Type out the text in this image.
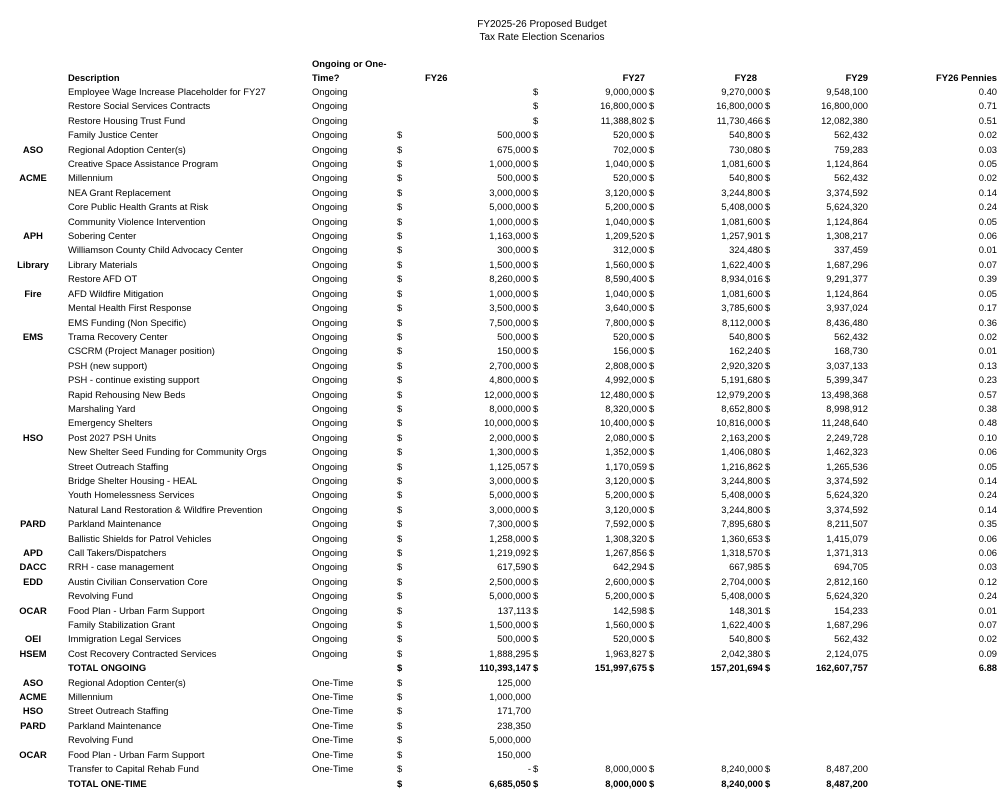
FY2025-26 Proposed Budget
Tax Rate Election Scenarios
		Ongoing or One-									
	Description	Time?	FY26		FY27		FY28		FY29		FY26 Pennies
	Employee Wage Increase Placeholder for FY27	Ongoing			$	9,000,000	$	9,270,000	$	9,548,100	0.40
	Restore Social Services Contracts	Ongoing			$	16,800,000	$	16,800,000	$	16,800,000	0.71
	Restore Housing Trust Fund	Ongoing			$	11,388,802	$	11,730,466	$	12,082,380	0.51
	Family Justice Center	Ongoing	$	500,000	$	520,000	$	540,800	$	562,432	0.02
ASO	Regional Adoption Center(s)	Ongoing	$	675,000	$	702,000	$	730,080	$	759,283	0.03
	Creative Space Assistance Program	Ongoing	$	1,000,000	$	1,040,000	$	1,081,600	$	1,124,864	0.05
ACME	Millennium	Ongoing	$	500,000	$	520,000	$	540,800	$	562,432	0.02
	NEA Grant Replacement	Ongoing	$	3,000,000	$	3,120,000	$	3,244,800	$	3,374,592	0.14
	Core Public Health Grants at Risk	Ongoing	$	5,000,000	$	5,200,000	$	5,408,000	$	5,624,320	0.24
	Community Violence Intervention	Ongoing	$	1,000,000	$	1,040,000	$	1,081,600	$	1,124,864	0.05
APH	Sobering Center	Ongoing	$	1,163,000	$	1,209,520	$	1,257,901	$	1,308,217	0.06
	Williamson County Child Advocacy Center	Ongoing	$	300,000	$	312,000	$	324,480	$	337,459	0.01
Library	Library Materials	Ongoing	$	1,500,000	$	1,560,000	$	1,622,400	$	1,687,296	0.07
	Restore AFD OT	Ongoing	$	8,260,000	$	8,590,400	$	8,934,016	$	9,291,377	0.39
Fire	AFD Wildfire Mitigation	Ongoing	$	1,000,000	$	1,040,000	$	1,081,600	$	1,124,864	0.05
	Mental Health First Response	Ongoing	$	3,500,000	$	3,640,000	$	3,785,600	$	3,937,024	0.17
	EMS Funding (Non Specific)	Ongoing	$	7,500,000	$	7,800,000	$	8,112,000	$	8,436,480	0.36
EMS	Trama Recovery Center	Ongoing	$	500,000	$	520,000	$	540,800	$	562,432	0.02
	CSCRM (Project Manager position)	Ongoing	$	150,000	$	156,000	$	162,240	$	168,730	0.01
	PSH (new support)	Ongoing	$	2,700,000	$	2,808,000	$	2,920,320	$	3,037,133	0.13
	PSH - continue existing support	Ongoing	$	4,800,000	$	4,992,000	$	5,191,680	$	5,399,347	0.23
	Rapid Rehousing New Beds	Ongoing	$	12,000,000	$	12,480,000	$	12,979,200	$	13,498,368	0.57
	Marshaling Yard	Ongoing	$	8,000,000	$	8,320,000	$	8,652,800	$	8,998,912	0.38
	Emergency Shelters	Ongoing	$	10,000,000	$	10,400,000	$	10,816,000	$	11,248,640	0.48
HSO	Post 2027 PSH Units	Ongoing	$	2,000,000	$	2,080,000	$	2,163,200	$	2,249,728	0.10
	New Shelter Seed Funding for Community Orgs	Ongoing	$	1,300,000	$	1,352,000	$	1,406,080	$	1,462,323	0.06
	Street Outreach Staffing	Ongoing	$	1,125,057	$	1,170,059	$	1,216,862	$	1,265,536	0.05
	Bridge Shelter Housing - HEAL	Ongoing	$	3,000,000	$	3,120,000	$	3,244,800	$	3,374,592	0.14
	Youth Homelessness Services	Ongoing	$	5,000,000	$	5,200,000	$	5,408,000	$	5,624,320	0.24
	Natural Land Restoration & Wildfire Prevention	Ongoing	$	3,000,000	$	3,120,000	$	3,244,800	$	3,374,592	0.14
PARD	Parkland Maintenance	Ongoing	$	7,300,000	$	7,592,000	$	7,895,680	$	8,211,507	0.35
	Ballistic Shields for Patrol Vehicles	Ongoing	$	1,258,000	$	1,308,320	$	1,360,653	$	1,415,079	0.06
APD	Call Takers/Dispatchers	Ongoing	$	1,219,092	$	1,267,856	$	1,318,570	$	1,371,313	0.06
DACC	RRH - case management	Ongoing	$	617,590	$	642,294	$	667,985	$	694,705	0.03
EDD	Austin Civilian Conservation Core	Ongoing	$	2,500,000	$	2,600,000	$	2,704,000	$	2,812,160	0.12
	Revolving Fund	Ongoing	$	5,000,000	$	5,200,000	$	5,408,000	$	5,624,320	0.24
OCAR	Food Plan - Urban Farm Support	Ongoing	$	137,113	$	142,598	$	148,301	$	154,233	0.01
	Family Stabilization Grant	Ongoing	$	1,500,000	$	1,560,000	$	1,622,400	$	1,687,296	0.07
OEI	Immigration Legal Services	Ongoing	$	500,000	$	520,000	$	540,800	$	562,432	0.02
HSEM	Cost Recovery Contracted Services	Ongoing	$	1,888,295	$	1,963,827	$	2,042,380	$	2,124,075	0.09
	TOTAL ONGOING		$	110,393,147	$	151,997,675	$	157,201,694	$	162,607,757	6.88
ASO	Regional Adoption Center(s)	One-Time	$	125,000							
ACME	Millennium	One-Time	$	1,000,000							
HSO	Street Outreach Staffing	One-Time	$	171,700							
PARD	Parkland Maintenance	One-Time	$	238,350							
	Revolving Fund	One-Time	$	5,000,000							
OCAR	Food Plan - Urban Farm Support	One-Time	$	150,000							
	Transfer to Capital Rehab Fund	One-Time	$	-	$	8,000,000	$	8,240,000	$	8,487,200	
	TOTAL ONE-TIME		$	6,685,050	$	8,000,000	$	8,240,000	$	8,487,200	
